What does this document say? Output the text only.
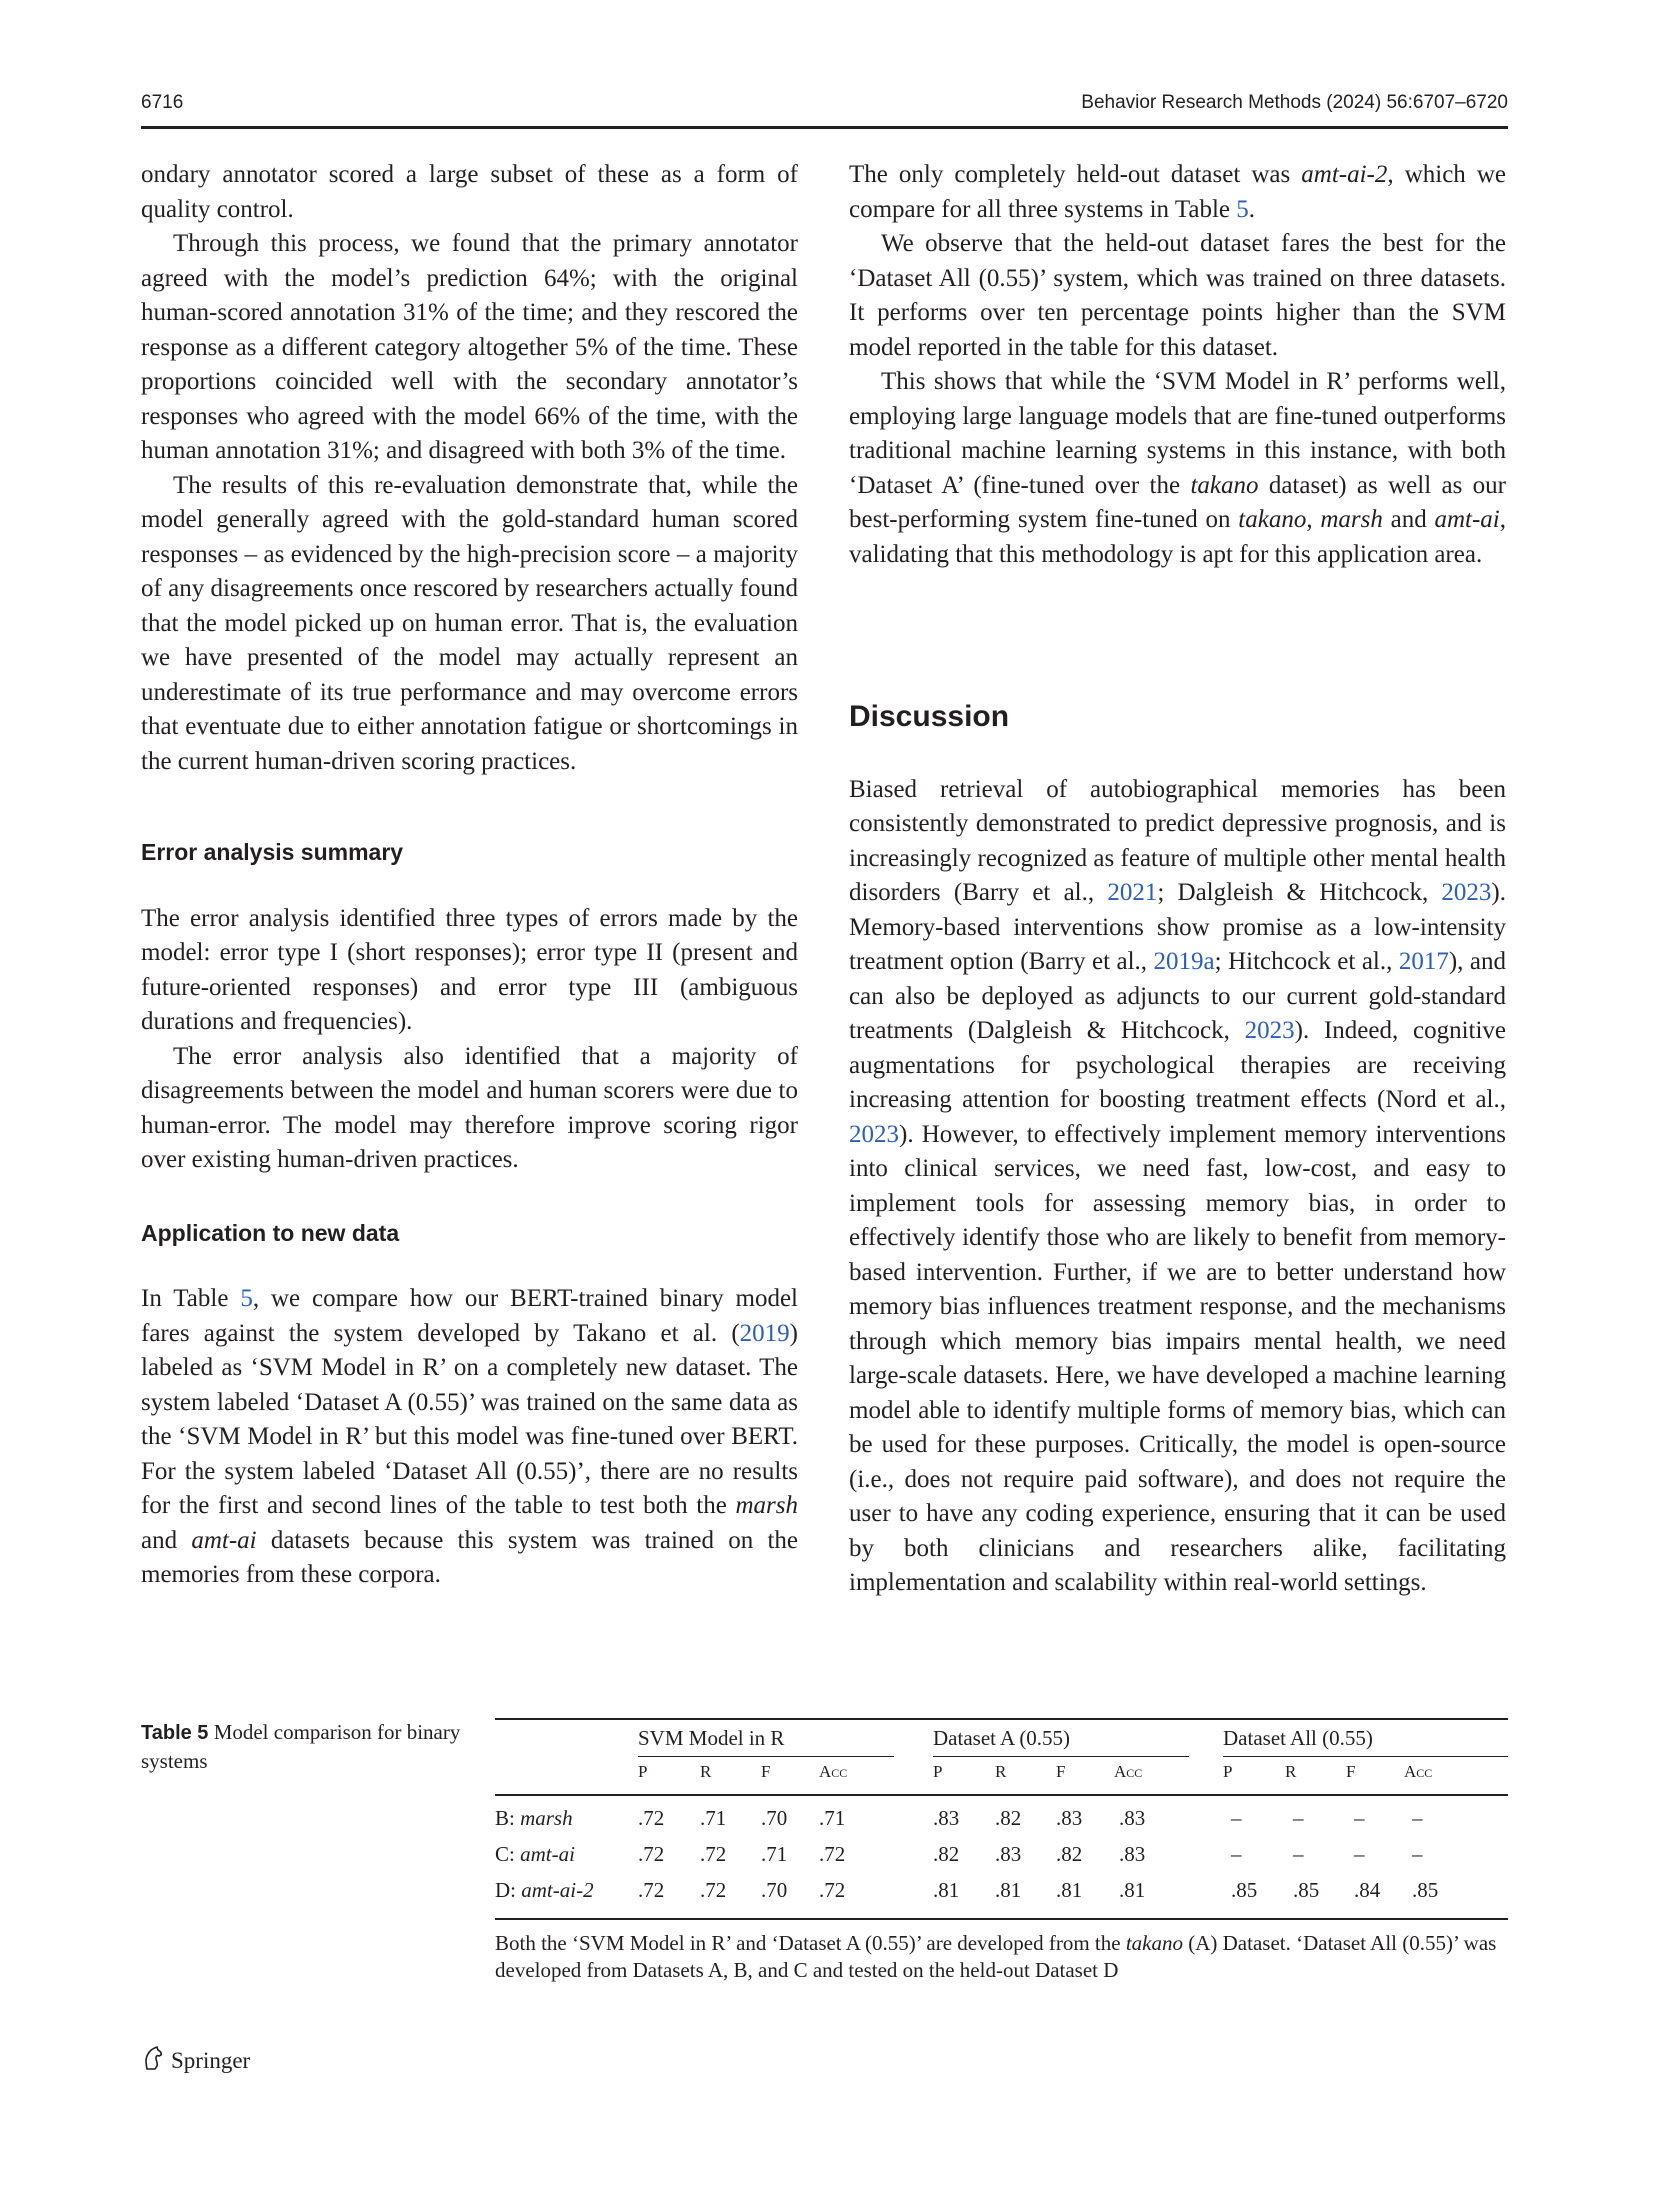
6716	Behavior Research Methods (2024) 56:6707–6720

ondary annotator scored a large subset of these as a form of quality control.

Through this process, we found that the primary annotator agreed with the model’s prediction 64%; with the original human-scored annotation 31% of the time; and they rescored the response as a different category altogether 5% of the time. These proportions coincided well with the secondary annotator’s responses who agreed with the model 66% of the time, with the human annotation 31%; and disagreed with both 3% of the time.

The results of this re-evaluation demonstrate that, while the model generally agreed with the gold-standard human scored responses – as evidenced by the high-precision score – a majority of any disagreements once rescored by researchers actually found that the model picked up on human error. That is, the evaluation we have presented of the model may actually represent an underestimate of its true performance and may overcome errors that eventuate due to either annotation fatigue or shortcomings in the current human-driven scoring practices.

Error analysis summary

The error analysis identified three types of errors made by the model: error type I (short responses); error type II (present and future-oriented responses) and error type III (ambiguous durations and frequencies).

The error analysis also identified that a majority of disagreements between the model and human scorers were due to human-error. The model may therefore improve scoring rigor over existing human-driven practices.

Application to new data

In Table 5, we compare how our BERT-trained binary model fares against the system developed by Takano et al. (2019) labeled as ‘SVM Model in R’ on a completely new dataset. The system labeled ‘Dataset A (0.55)’ was trained on the same data as the ‘SVM Model in R’ but this model was fine-tuned over BERT. For the system labeled ‘Dataset All (0.55)’, there are no results for the first and second lines of the table to test both the marsh and amt-ai datasets because this system was trained on the memories from these corpora.

The only completely held-out dataset was amt-ai-2, which we compare for all three systems in Table 5.

We observe that the held-out dataset fares the best for the ‘Dataset All (0.55)’ system, which was trained on three datasets. It performs over ten percentage points higher than the SVM model reported in the table for this dataset.

This shows that while the ‘SVM Model in R’ performs well, employing large language models that are fine-tuned outperforms traditional machine learning systems in this instance, with both ‘Dataset A’ (fine-tuned over the takano dataset) as well as our best-performing system fine-tuned on takano, marsh and amt-ai, validating that this methodology is apt for this application area.

Discussion

Biased retrieval of autobiographical memories has been consistently demonstrated to predict depressive prognosis, and is increasingly recognized as feature of multiple other mental health disorders (Barry et al., 2021; Dalgleish & Hitchcock, 2023). Memory-based interventions show promise as a low-intensity treatment option (Barry et al., 2019a; Hitchcock et al., 2017), and can also be deployed as adjuncts to our current gold-standard treatments (Dalgleish & Hitchcock, 2023). Indeed, cognitive augmentations for psychological therapies are receiving increasing attention for boosting treatment effects (Nord et al., 2023). However, to effectively implement memory interventions into clinical services, we need fast, low-cost, and easy to implement tools for assessing memory bias, in order to effectively identify those who are likely to benefit from memory-based intervention. Further, if we are to better understand how memory bias influences treatment response, and the mechanisms through which memory bias impairs mental health, we need large-scale datasets. Here, we have developed a machine learning model able to identify multiple forms of memory bias, which can be used for these purposes. Critically, the model is open-source (i.e., does not require paid software), and does not require the user to have any coding experience, ensuring that it can be used by both clinicians and researchers alike, facilitating implementation and scalability within real-world settings.

Table 5 Model comparison for binary systems
SVM Model in R	Dataset A (0.55)	Dataset All (0.55)
P	R	F	Acc	P	R	F	Acc	P	R	F	Acc
B: marsh	.72 .71 .70 .71	.83 .82 .83 .83	– – – –
C: amt-ai	.72 .72 .71 .72	.82 .83 .82 .83	– – – –
D: amt-ai-2 .72 .72 .70 .72	.81 .81 .81 .81	.85 .85 .84 .85
Both the ‘SVM Model in R’ and ‘Dataset A (0.55)’ are developed from the takano (A) Dataset. ‘Dataset All (0.55)’ was developed from Datasets A, B, and C and tested on the held-out Dataset D
Springer
